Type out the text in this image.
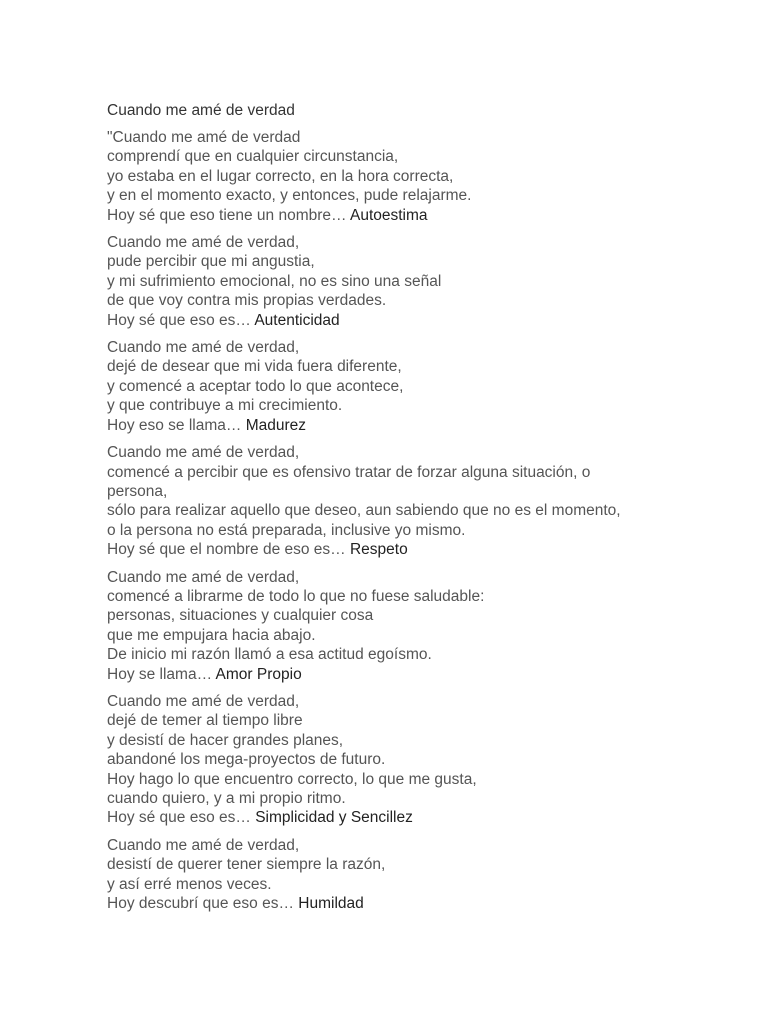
Cuando me amé de verdad
"Cuando me amé de verdad
comprendí que en cualquier circunstancia,
yo estaba en el lugar correcto, en la hora correcta,
y en el momento exacto, y entonces, pude relajarme.
Hoy sé que eso tiene un nombre… Autoestima
Cuando me amé de verdad,
pude percibir que mi angustia,
y mi sufrimiento emocional, no es sino una señal
de que voy contra mis propias verdades.
Hoy sé que eso es… Autenticidad
Cuando me amé de verdad,
dejé de desear que mi vida fuera diferente,
y comencé a aceptar todo lo que acontece,
y que contribuye a mi crecimiento.
Hoy eso se llama… Madurez
Cuando me amé de verdad,
comencé a percibir que es ofensivo tratar de forzar alguna situación, o
persona,
sólo para realizar aquello que deseo, aun sabiendo que no es el momento,
o la persona no está preparada, inclusive yo mismo.
Hoy sé que el nombre de eso es… Respeto
Cuando me amé de verdad,
comencé a librarme de todo lo que no fuese saludable:
personas, situaciones y cualquier cosa
que me empujara hacia abajo.
De inicio mi razón llamó a esa actitud egoísmo.
Hoy se llama… Amor Propio
Cuando me amé de verdad,
dejé de temer al tiempo libre
y desistí de hacer grandes planes,
abandoné los mega-proyectos de futuro.
Hoy hago lo que encuentro correcto, lo que me gusta,
cuando quiero, y a mi propio ritmo.
Hoy sé que eso es… Simplicidad y Sencillez
Cuando me amé de verdad,
desistí de querer tener siempre la razón,
y así erré menos veces.
Hoy descubrí que eso es… Humildad
